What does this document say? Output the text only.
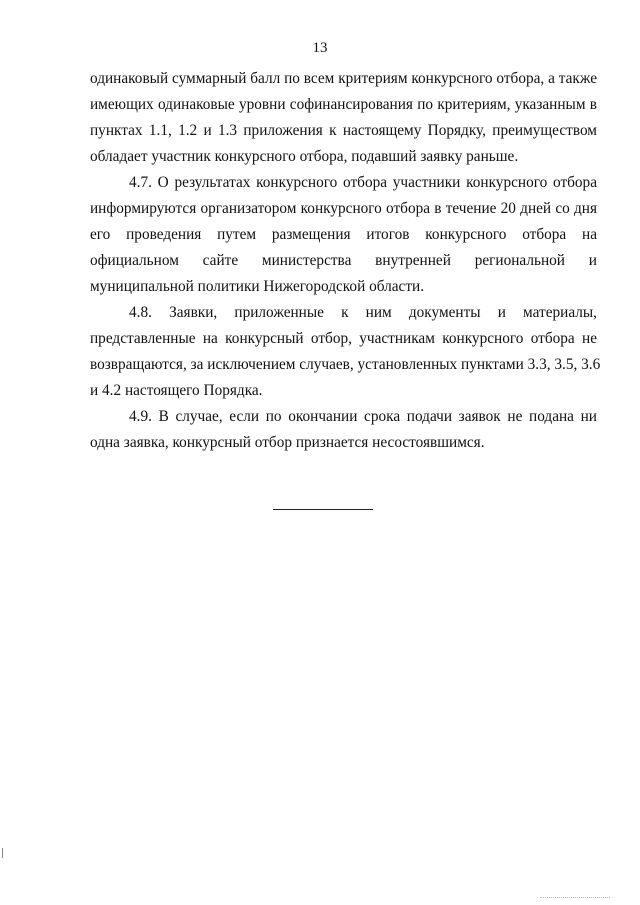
13
одинаковый суммарный балл по всем критериям конкурсного отбора, а также
имеющих одинаковые уровни софинансирования по критериям, указанным в
пунктах 1.1, 1.2 и 1.3 приложения к настоящему Порядку, преимуществом
обладает участник конкурсного отбора, подавший заявку раньше.
4.7. О результатах конкурсного отбора участники конкурсного отбора
информируются организатором конкурсного отбора в течение 20 дней со дня
его проведения путем размещения итогов конкурсного отбора на
официальном сайте министерства внутренней региональной и
муниципальной политики Нижегородской области.
4.8. Заявки, приложенные к ним документы и материалы,
представленные на конкурсный отбор, участникам конкурсного отбора не
возвращаются, за исключением случаев, установленных пунктами 3.3, 3.5, 3.6
и 4.2 настоящего Порядка.
4.9. В случае, если по окончании срока подачи заявок не подана ни
одна заявка, конкурсный отбор признается несостоявшимся.
